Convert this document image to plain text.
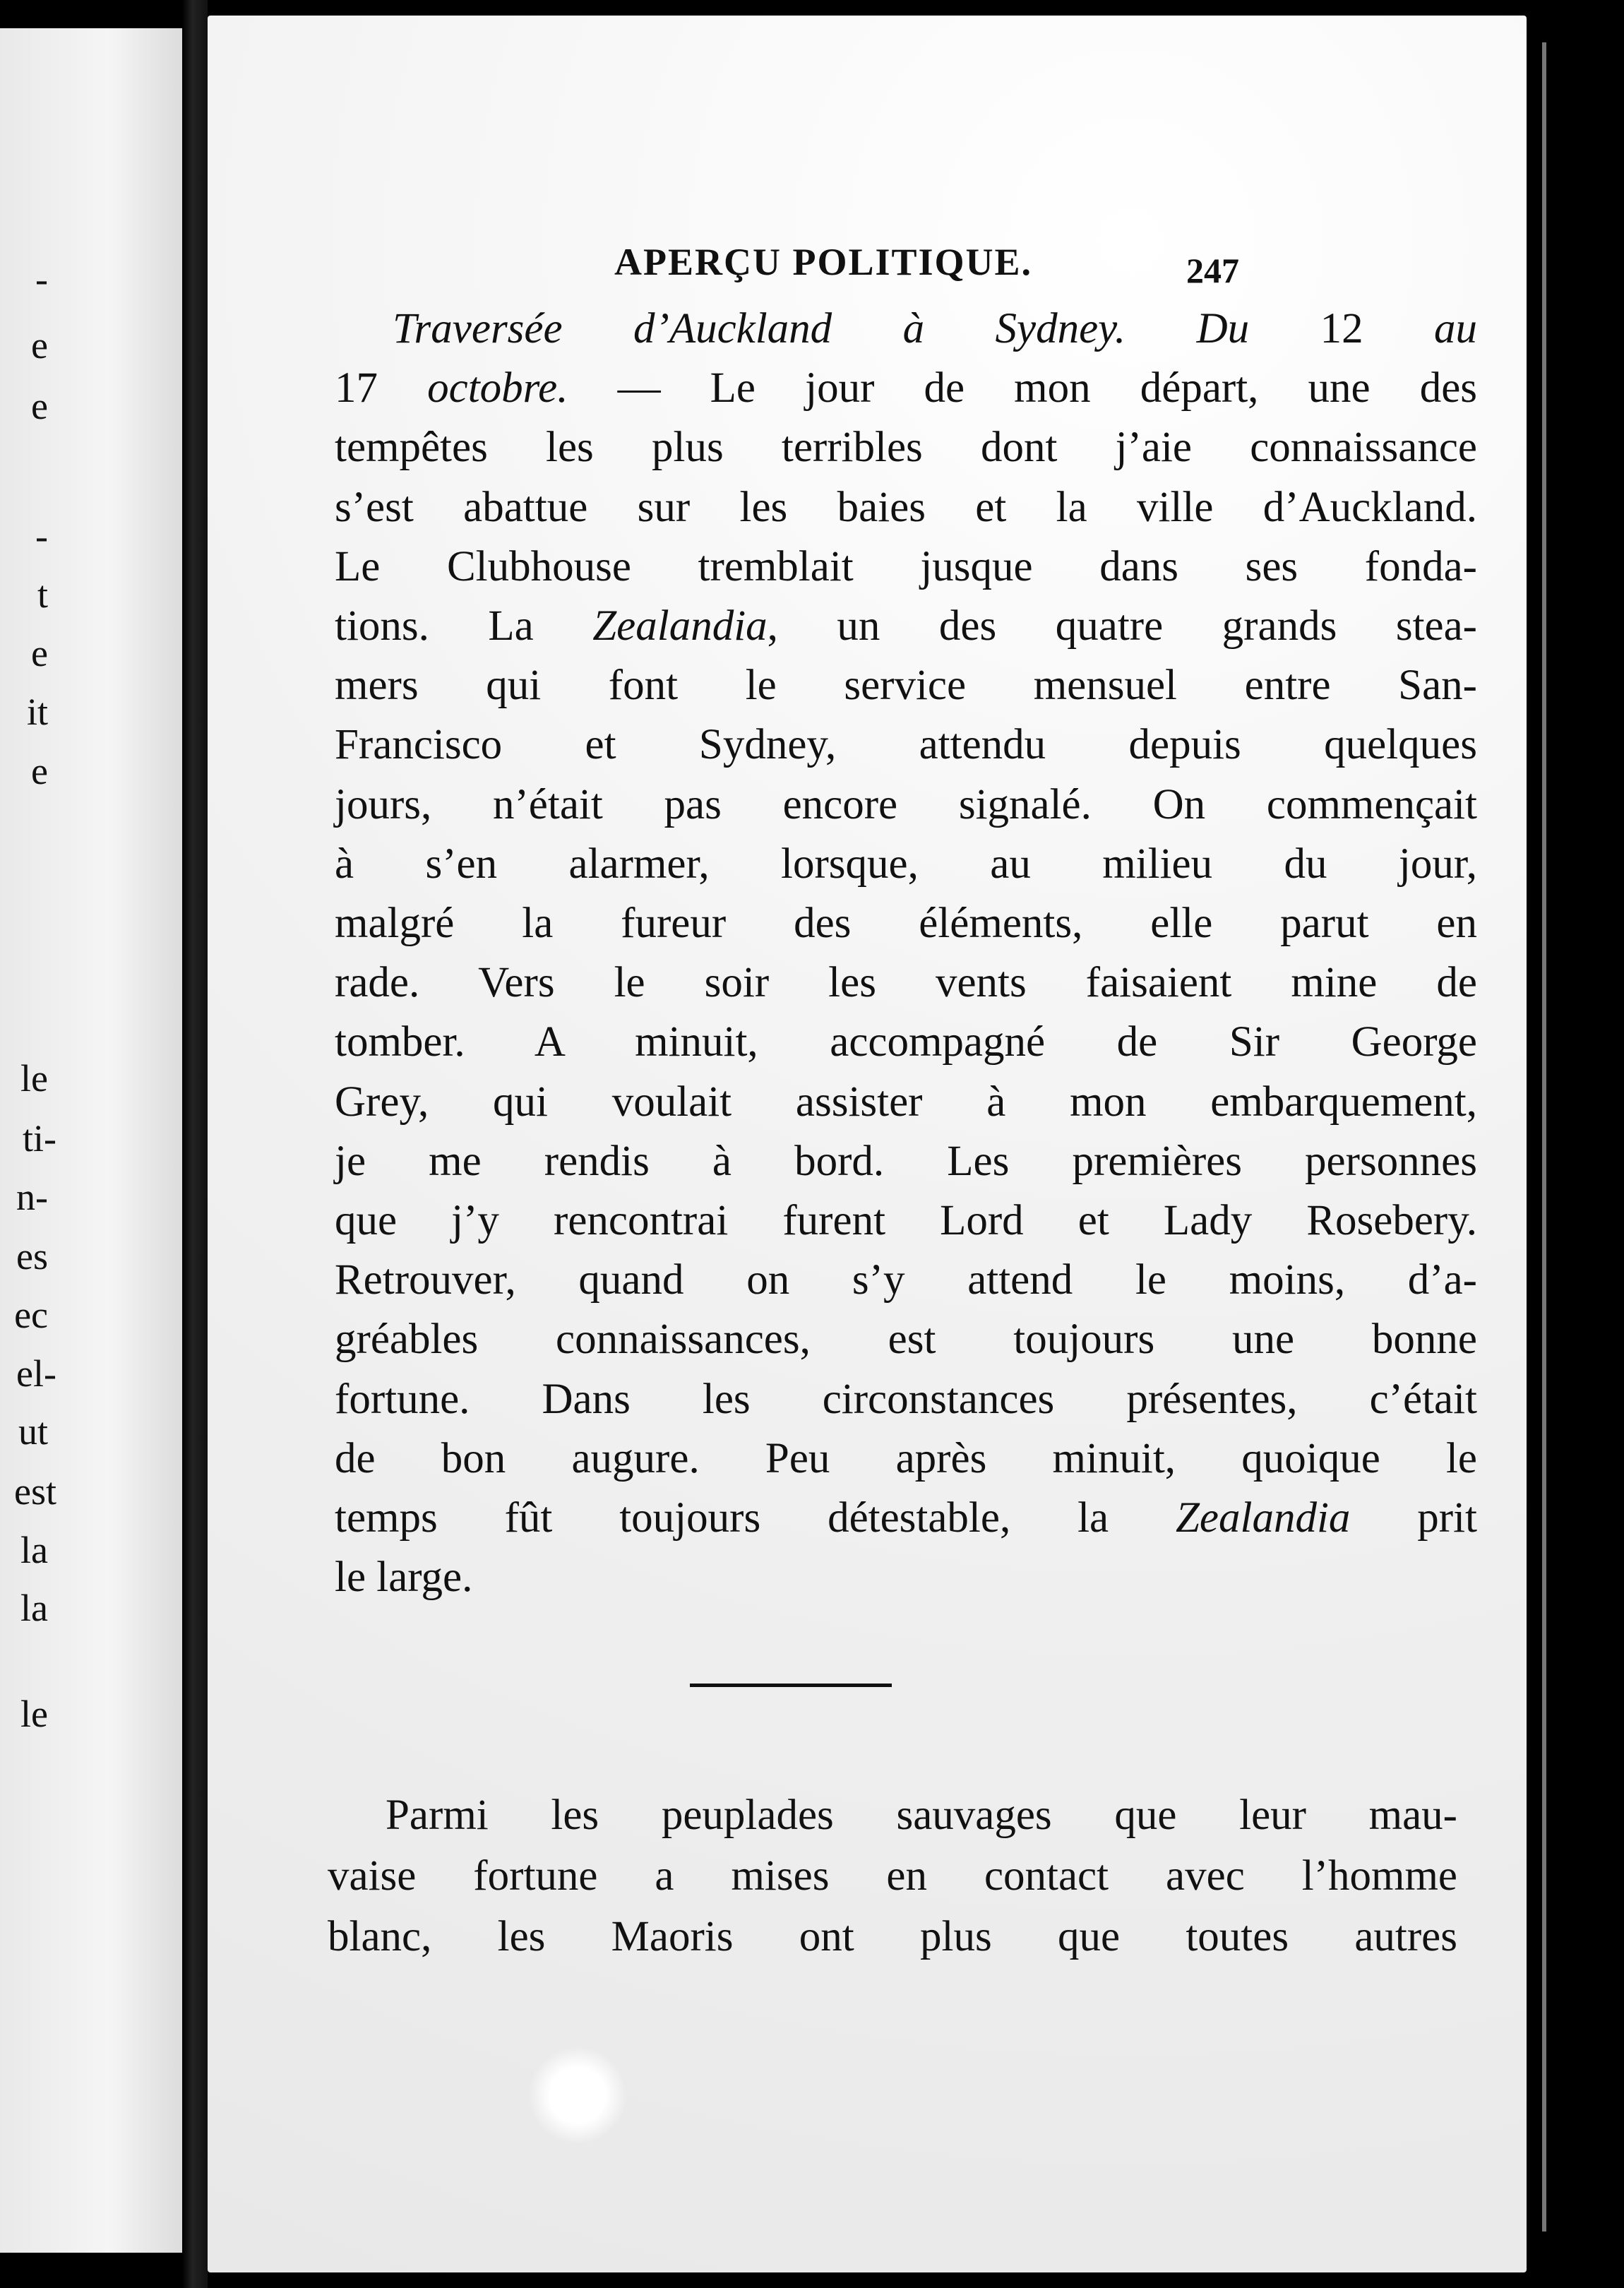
-
e
e
-
t
e
it
e
le
ti-
n-
es
ec
el-
ut
est
la
la
le
APERÇU POLITIQUE.	247
Traversée d’Auckland à Sydney. Du 12 au
17 octobre. — Le jour de mon départ, une des
tempêtes les plus terribles dont j’aie connaissance
s’est abattue sur les baies et la ville d’Auckland.
Le Clubhouse tremblait jusque dans ses fonda-
tions. La Zealandia, un des quatre grands stea-
mers qui font le service mensuel entre San-
Francisco et Sydney, attendu depuis quelques
jours, n’était pas encore signalé. On commençait
à s’en alarmer, lorsque, au milieu du jour,
malgré la fureur des éléments, elle parut en
rade. Vers le soir les vents faisaient mine de
tomber. A minuit, accompagné de Sir George
Grey, qui voulait assister à mon embarquement,
je me rendis à bord. Les premières personnes
que j’y rencontrai furent Lord et Lady Rosebery.
Retrouver, quand on s’y attend le moins, d’a-
gréables connaissances, est toujours une bonne
fortune. Dans les circonstances présentes, c’était
de bon augure. Peu après minuit, quoique le
temps fût toujours détestable, la Zealandia prit
le large.
Parmi les peuplades sauvages que leur mau-
vaise fortune a mises en contact avec l’homme
blanc, les Maoris ont plus que toutes autres
